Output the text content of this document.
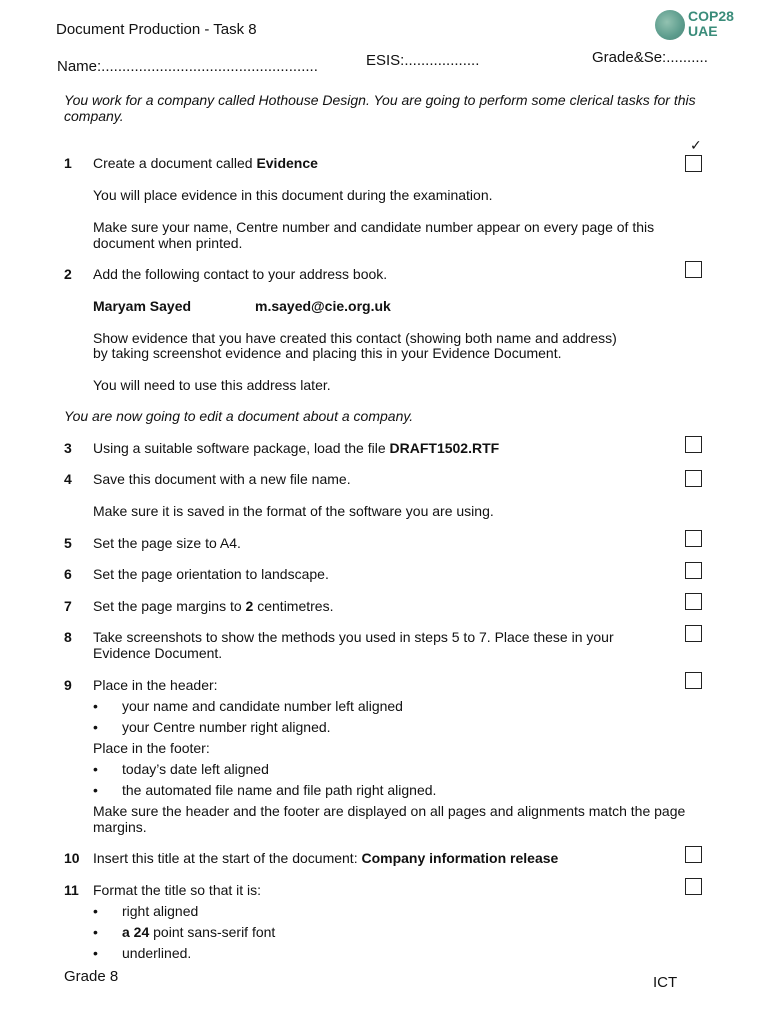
Document Production - Task 8
COP28
UAE
Name:....................................................	ESIS:..................	Grade&Se:..........
You work for a company called Hothouse Design. You are going to perform some clerical tasks for this company.
✓
1 Create a document called Evidence
You will place evidence in this document during the examination.
Make sure your name, Centre number and candidate number appear on every page of this
document when printed.
2 Add the following contact to your address book.
Maryam Sayed	m.sayed@cie.org.uk
Show evidence that you have created this contact (showing both name and address)
by taking screenshot evidence and placing this in your Evidence Document.
You will need to use this address later.
You are now going to edit a document about a company.
3 Using a suitable software package, load the file DRAFT1502.RTF
4 Save this document with a new file name.
Make sure it is saved in the format of the software you are using.
5 Set the page size to A4.
6 Set the page orientation to landscape.
7 Set the page margins to 2 centimetres.
8 Take screenshots to show the methods you used in steps 5 to 7. Place these in your
Evidence Document.
9 Place in the header:
• your name and candidate number left aligned
• your Centre number right aligned.
Place in the footer:
• today’s date left aligned
• the automated file name and file path right aligned.
Make sure the header and the footer are displayed on all pages and alignments match the page
margins.
10 Insert this title at the start of the document: Company information release
11 Format the title so that it is:
• right aligned
• a 24 point sans-serif font
• underlined.
Grade 8	ICT
